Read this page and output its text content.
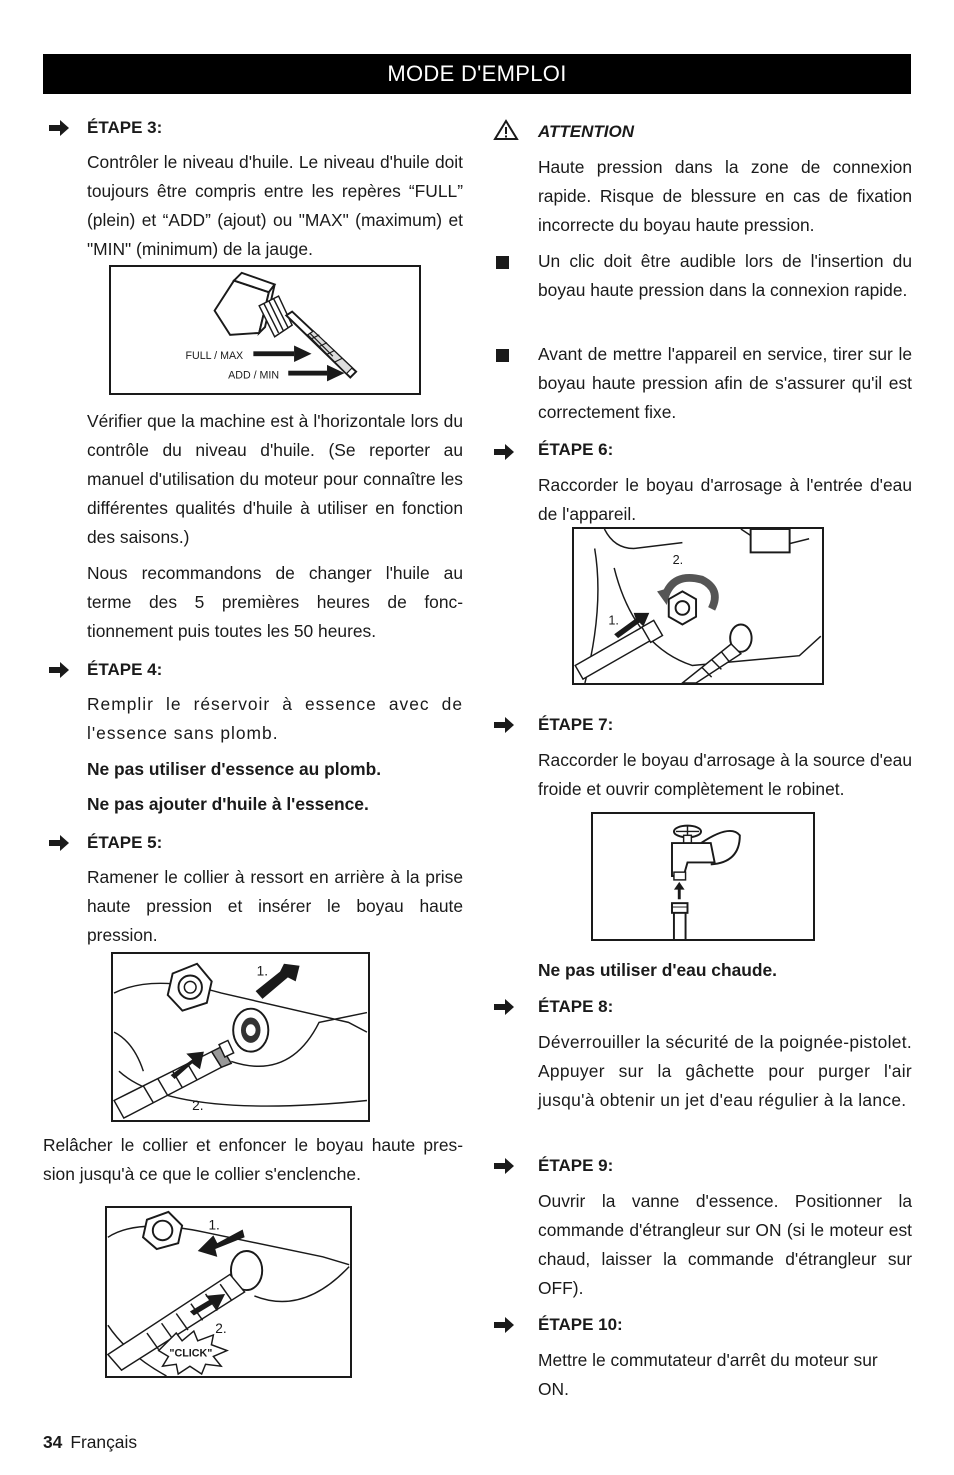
MODE D'EMPLOI
ÉTAPE 3:
Contrôler le niveau d'huile. Le niveau d'huile doit toujours être compris entre les repères “FULL” (plein) et “ADD” (ajout) ou "MAX" (maximum) et "MIN" (minimum) de la jauge.
FULL / MAX
ADD / MIN
Vérifier que la machine est à l'horizontale lors du contrôle du niveau d'huile. (Se reporter au manuel d'utilisation du moteur pour connaître les différentes qualités d'huile à utiliser en fonction des saisons.)
Nous recommandons de changer l'huile au terme des 5 premières heures de fonc-tionnement puis toutes les 50 heures.
ÉTAPE 4:
Remplir le réservoir à essence avec de l'essence sans plomb.
Ne pas utiliser d'essence au plomb.
Ne pas ajouter d'huile à l'essence.
ÉTAPE 5:
Ramener le collier à ressort en arrière à la prise haute pression et insérer le boyau haute pression.
1.
2.
Relâcher le collier et enfoncer le boyau haute pres-sion jusqu'à ce que le collier s'enclenche.
"CLICK"
1.
2.
ATTENTION
Haute pression dans la zone de connexion rapide. Risque de blessure en cas de fixation incorrecte du boyau haute pression.
Un clic doit être audible lors de l'insertion du boyau haute pression dans la connexion rapide.
Avant de mettre l'appareil en service, tirer sur le boyau haute pression afin de s'assurer qu'il est correctement fixe.
ÉTAPE 6:
Raccorder le boyau d'arrosage à l'entrée d'eau de l'appareil.
2.
1.
ÉTAPE 7:
Raccorder le boyau d'arrosage à la source d'eau froide et ouvrir complètement le robinet.
Ne pas utiliser d'eau chaude.
ÉTAPE 8:
Déverrouiller la sécurité de la poignée-pistolet. Appuyer sur la gâchette pour purger l'air jusqu'à obtenir un jet d'eau régulier à la lance.
ÉTAPE 9:
Ouvrir la vanne d'essence. Positionner la commande d'étrangleur sur ON (si le moteur est chaud, laisser la commande d'étrangleur sur OFF).
ÉTAPE 10:
Mettre le commutateur d'arrêt du moteur sur ON.
34 Français
